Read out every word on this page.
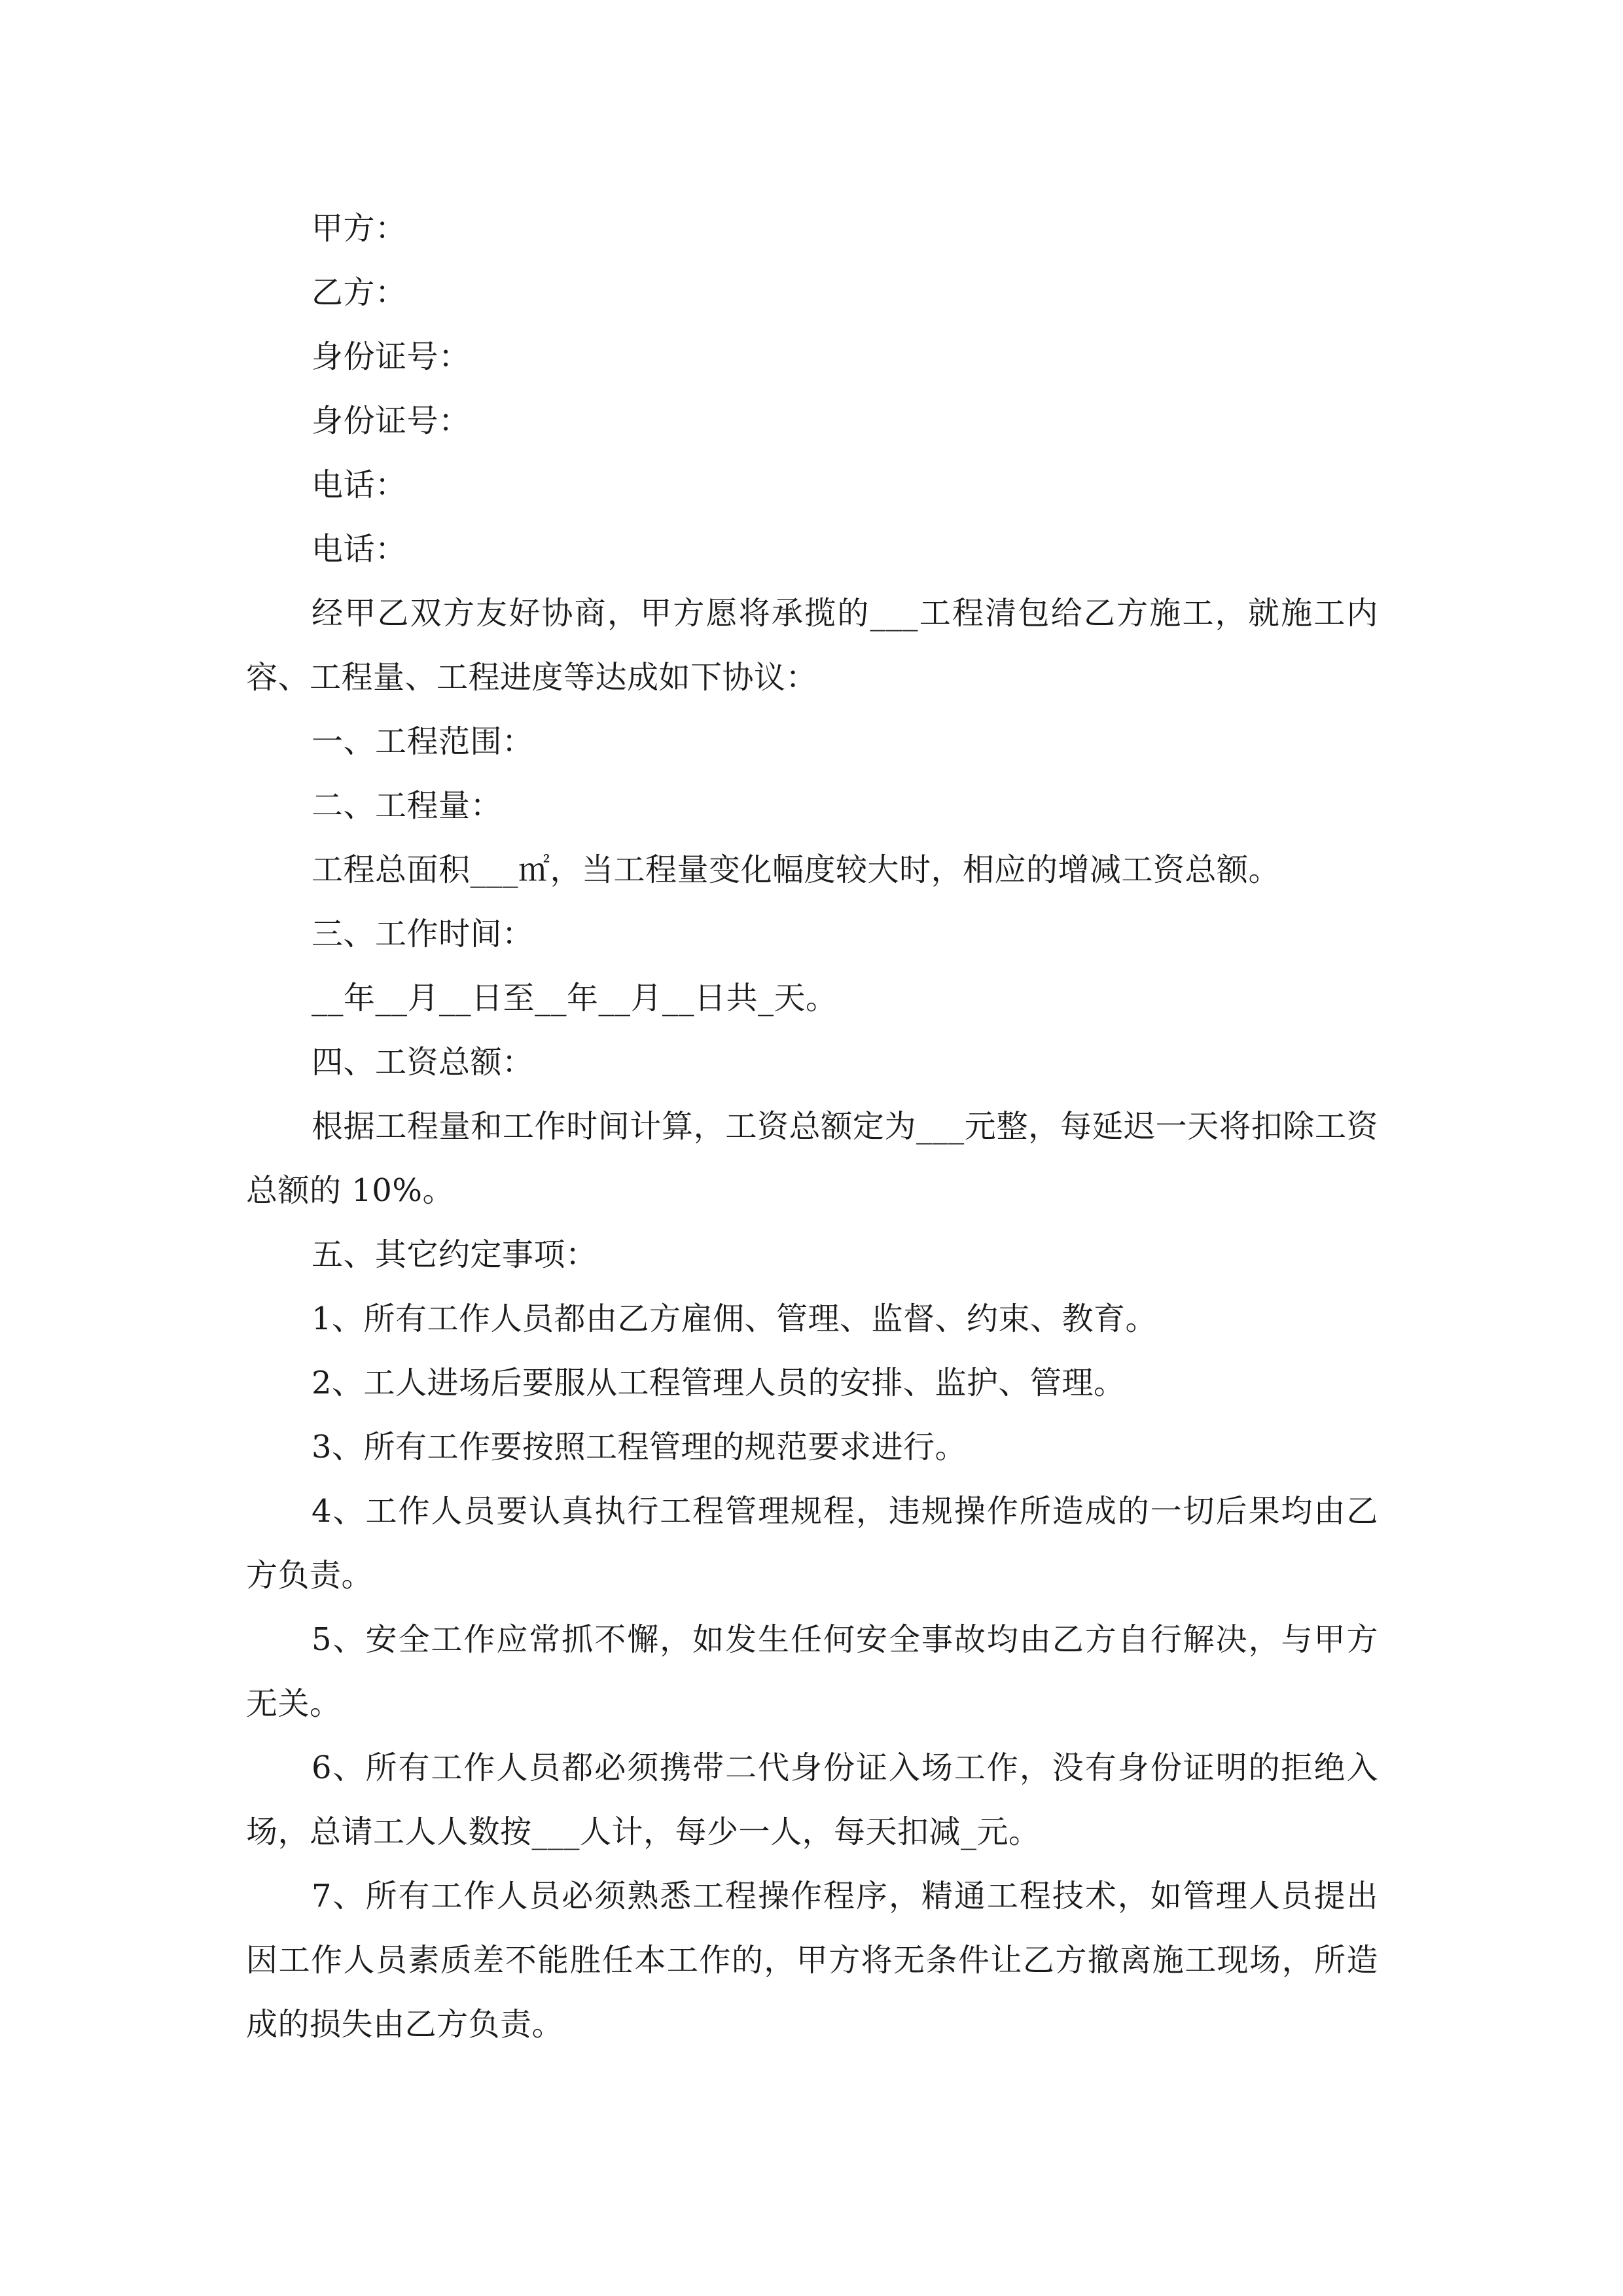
甲方：

乙方：

身份证号：

身份证号：

电话：

电话：

经甲乙双方友好协商，甲方愿将承揽的___工程清包给乙方施工，就施工内容、工程量、工程进度等达成如下协议：

一、工程范围：

二、工程量：

工程总面积___㎡，当工程量变化幅度较大时，相应的增减工资总额。

三、工作时间：

__年__月__日至__年__月__日共_天。

四、工资总额：

根据工程量和工作时间计算，工资总额定为___元整，每延迟一天将扣除工资总额的 10%。

五、其它约定事项：

1、所有工作人员都由乙方雇佣、管理、监督、约束、教育。

2、工人进场后要服从工程管理人员的安排、监护、管理。

3、所有工作要按照工程管理的规范要求进行。

4、工作人员要认真执行工程管理规程，违规操作所造成的一切后果均由乙方负责。

5、安全工作应常抓不懈，如发生任何安全事故均由乙方自行解决，与甲方无关。

6、所有工作人员都必须携带二代身份证入场工作，没有身份证明的拒绝入场，总请工人人数按___人计，每少一人，每天扣减_元。

7、所有工作人员必须熟悉工程操作程序，精通工程技术，如管理人员提出因工作人员素质差不能胜任本工作的，甲方将无条件让乙方撤离施工现场，所造成的损失由乙方负责。
